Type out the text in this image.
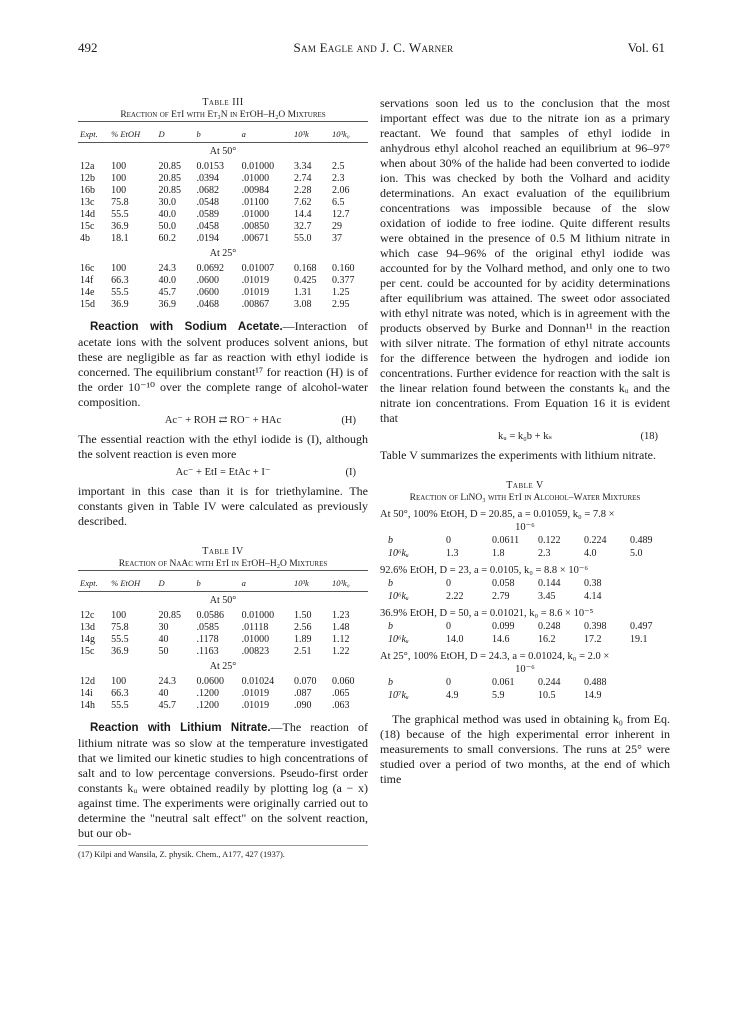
492	Sam Eagle and J. C. Warner	Vol. 61
Table III
Reaction of EtI with Et₃N in EtOH–H₂O Mixtures
Expt.	% EtOH	D	b	a	10³k	10³k₀
At 50°						
12a	100	20.85	0.0153	0.01000	3.34	2.5
12b	100	20.85	.0394	.01000	2.74	2.3
16b	100	20.85	.0682	.00984	2.28	2.06
13c	75.8	30.0	.0548	.01100	7.62	6.5
14d	55.5	40.0	.0589	.01000	14.4	12.7
15c	36.9	50.0	.0458	.00850	32.7	29
4b	18.1	60.2	.0194	.00671	55.0	37
At 25°						
16c	100	24.3	0.0692	0.01007	0.168	0.160
14f	66.3	40.0	.0600	.01019	0.425	0.377
14e	55.5	45.7	.0600	.01019	1.31	1.25
15d	36.9	36.9	.0468	.00867	3.08	2.95

Reaction with Sodium Acetate.—Interaction of acetate ions with the solvent produces solvent anions, but these are negligible as far as reaction with ethyl iodide is concerned. The equilibrium constant¹⁷ for reaction (H) is of the order 10⁻¹⁰ over the complete range of alcohol-water composition.

Ac⁻ + ROH ⇄ RO⁻ + HAc	(H)

The essential reaction with the ethyl iodide is (I), although the solvent reaction is even more

Ac⁻ + EtI = EtAc + I⁻	(I)

important in this case than it is for triethylamine. The constants given in Table IV were calculated as previously described.

Table IV
Reaction of NaAc with EtI in EtOH–H₂O Mixtures
Expt.	% EtOH	D	b	a	10³k	10³k₀
At 50°						
12c	100	20.85	0.0586	0.01000	1.50	1.23
13d	75.8	30	.0585	.01118	2.56	1.48
14g	55.5	40	.1178	.01000	1.89	1.12
15c	36.9	50	.1163	.00823	2.51	1.22
At 25°						
12d	100	24.3	0.0600	0.01024	0.070	0.060
14i	66.3	40	.1200	.01019	.087	.065
14h	55.5	45.7	.1200	.01019	.090	.063

Reaction with Lithium Nitrate.—The reaction of lithium nitrate was so slow at the temperature investigated that we limited our kinetic studies to high concentrations of salt and to low percentage conversions. Pseudo-first order constants kᵤ were obtained readily by plotting log (a − x) against time. The experiments were originally carried out to determine the "neutral salt effect" on the solvent reaction, but our ob-

(17) Kilpi and Wansila, Z. physik. Chem., A177, 427 (1937).

servations soon led us to the conclusion that the most important effect was due to the nitrate ion as a primary reactant. We found that samples of ethyl iodide in anhydrous ethyl alcohol reached an equilibrium at 96–97° when about 30% of the halide had been converted to iodide ion. This was checked by both the Volhard and acidity determinations. An exact evaluation of the equilibrium concentrations was impossible because of the slow oxidation of iodide to free iodine. Quite different results were obtained in the presence of 0.5 M lithium nitrate in which case 94–96% of the original ethyl iodide was accounted for by the Volhard method, and only one to two per cent. could be accounted for by acidity determinations after equilibrium was attained. The sweet odor associated with ethyl nitrate was noted, which is in agreement with the products observed by Burke and Donnan¹¹ in the reaction with silver nitrate. The formation of ethyl nitrate accounts for the difference between the hydrogen and iodide ion concentrations. Further evidence for reaction with the salt is the linear relation found between the constants kᵤ and the nitrate ion concentrations. From Equation 16 it is evident that

kᵤ = k₀b + kₛ	(18)

Table V summarizes the experiments with lithium nitrate.

Table V
Reaction of LiNO₃ with EtI in Alcohol–Water Mixtures
At 50°, 100% EtOH, D = 20.85, a = 0.01059, k₀ = 7.8 ×
10⁻⁶
b	0	0.0611	0.122	0.224	0.489
10⁶kᵤ	1.3	1.8	2.3	4.0	5.0
92.6% EtOH, D = 23, a = 0.0105, k₀ = 8.8 × 10⁻⁶
b	0	0.058	0.144	0.38
10⁶kᵤ	2.22	2.79	3.45	4.14
36.9% EtOH, D = 50, a = 0.01021, k₀ = 8.6 × 10⁻⁵
b	0	0.099	0.248	0.398	0.497
10⁶kᵤ	14.0	14.6	16.2	17.2	19.1
At 25°, 100% EtOH, D = 24.3, a = 0.01024, k₀ = 2.0 ×
10⁻⁶
b	0	0.061	0.244	0.488
10⁷kᵤ	4.9	5.9	10.5	14.9

The graphical method was used in obtaining k₀ from Eq. (18) because of the high experimental error inherent in measurements to small conversions. The runs at 25° were studied over a period of two months, at the end of which time
